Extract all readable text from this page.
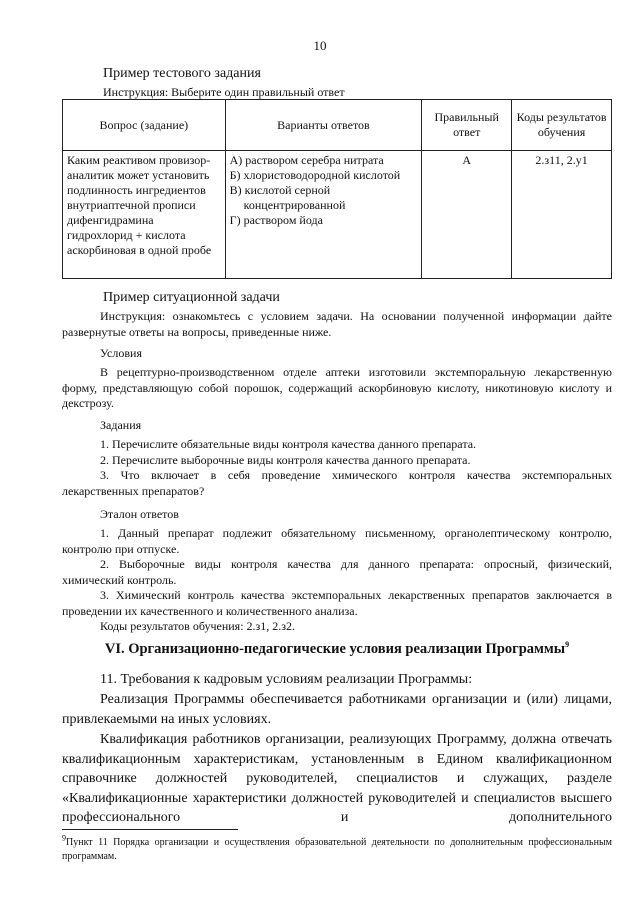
10
Пример тестового задания
Инструкция: Выберите один правильный ответ
Вопрос (задание)	Варианты ответов	Правильный ответ	Коды результатов обучения
Каким реактивом провизор-аналитик может установить подлинность ингредиентов внутриаптечной прописи дифенгидрамина гидрохлорид + кислота аскорбиновая в одной пробе	А) раствором серебра нитрата
Б) хлористоводородной кислотой
В) кислотой серной концентрированной
Г) раствором йода	А	2.з11, 2.у1
Пример ситуационной задачи
Инструкция: ознакомьтесь с условием задачи. На основании полученной информации дайте развернутые ответы на вопросы, приведенные ниже.
Условия
В рецептурно-производственном отделе аптеки изготовили экстемпоральную лекарственную форму, представляющую собой порошок, содержащий аскорбиновую кислоту, никотиновую кислоту и декстрозу.
Задания

1. Перечислите обязательные виды контроля качества данного препарата.

2. Перечислите выборочные виды контроля качества данного препарата.

3. Что включает в себя проведение химического контроля качества экстемпоральных лекарственных препаратов?

Эталон ответов

1. Данный препарат подлежит обязательному письменному, органолептическому контролю, контролю при отпуске.

2. Выборочные виды контроля качества для данного препарата: опросный, физический, химический контроль.

3. Химический контроль качества экстемпоральных лекарственных препаратов заключается в проведении их качественного и количественного анализа.

Коды результатов обучения: 2.з1, 2.з2.

VI. Организационно-педагогические условия реализации Программы$^9$
11. Требования к кадровым условиям реализации Программы:
Реализация Программы обеспечивается работниками организации и (или) лицами, привлекаемыми на иных условиях.
Квалификация работников организации, реализующих Программу, должна отвечать квалификационным характеристикам, установленным в Едином квалификационном справочнике должностей руководителей, специалистов и служащих, разделе «Квалификационные характеристики должностей руководителей и специалистов высшего профессионального и дополнительного
$^9$Пункт 11 Порядка организации и осуществления образовательной деятельности по дополнительным профессиональным программам.
